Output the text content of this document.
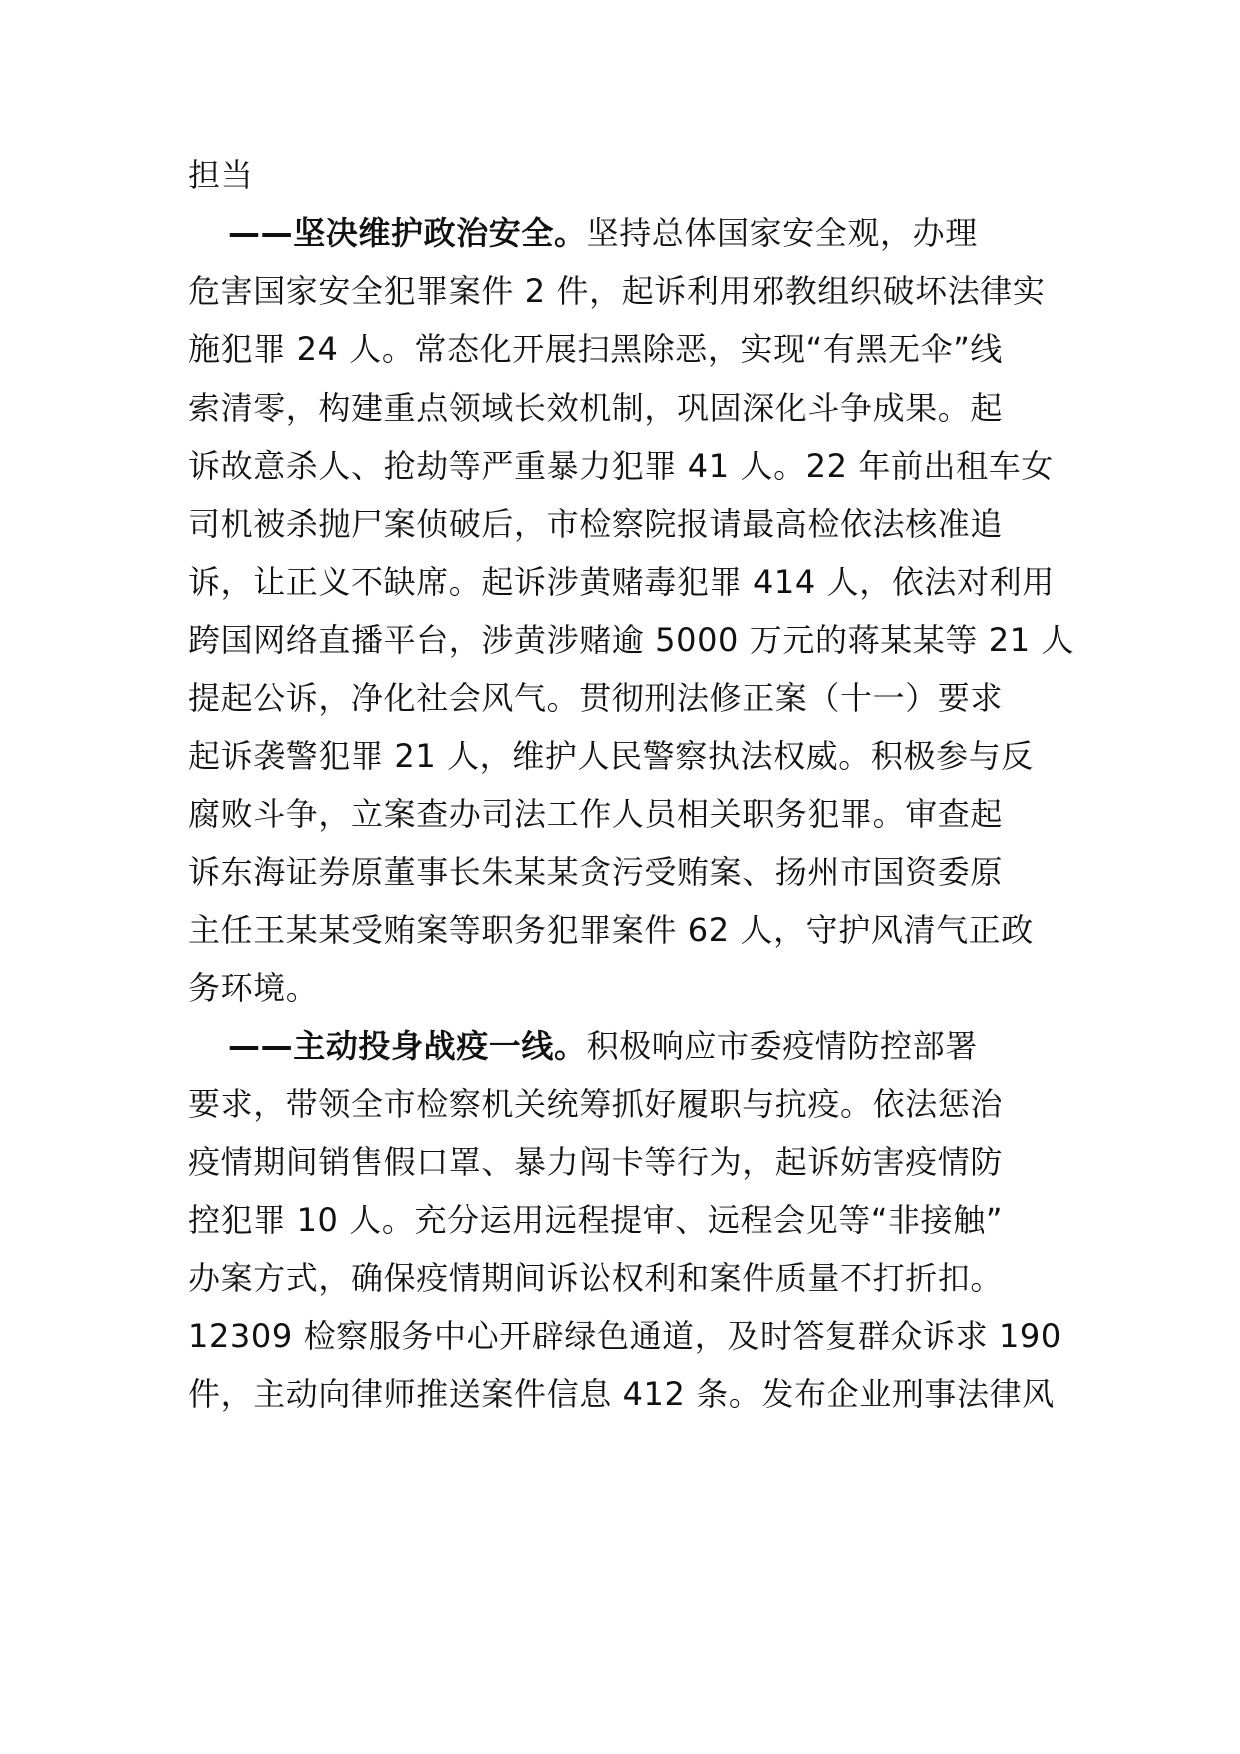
担当
——坚决维护政治安全。坚持总体国家安全观，办理
危害国家安全犯罪案件 2 件，起诉利用邪教组织破坏法律实
施犯罪 24 人。常态化开展扫黑除恶，实现“有黑无伞”线
索清零，构建重点领域长效机制，巩固深化斗争成果。起
诉故意杀人、抢劫等严重暴力犯罪 41 人。22 年前出租车女
司机被杀抛尸案侦破后，市检察院报请最高检依法核准追
诉，让正义不缺席。起诉涉黄赌毒犯罪 414 人，依法对利用
跨国网络直播平台，涉黄涉赌逾 5000 万元的蒋某某等 21 人
提起公诉，净化社会风气。贯彻刑法修正案（十一）要求
起诉袭警犯罪 21 人，维护人民警察执法权威。积极参与反
腐败斗争，立案查办司法工作人员相关职务犯罪。审查起
诉东海证券原董事长朱某某贪污受贿案、扬州市国资委原
主任王某某受贿案等职务犯罪案件 62 人，守护风清气正政
务环境。
——主动投身战疫一线。积极响应市委疫情防控部署
要求，带领全市检察机关统筹抓好履职与抗疫。依法惩治
疫情期间销售假口罩、暴力闯卡等行为，起诉妨害疫情防
控犯罪 10 人。充分运用远程提审、远程会见等“非接触”
办案方式，确保疫情期间诉讼权利和案件质量不打折扣。
12309 检察服务中心开辟绿色通道，及时答复群众诉求 190
件，主动向律师推送案件信息 412 条。发布企业刑事法律风
